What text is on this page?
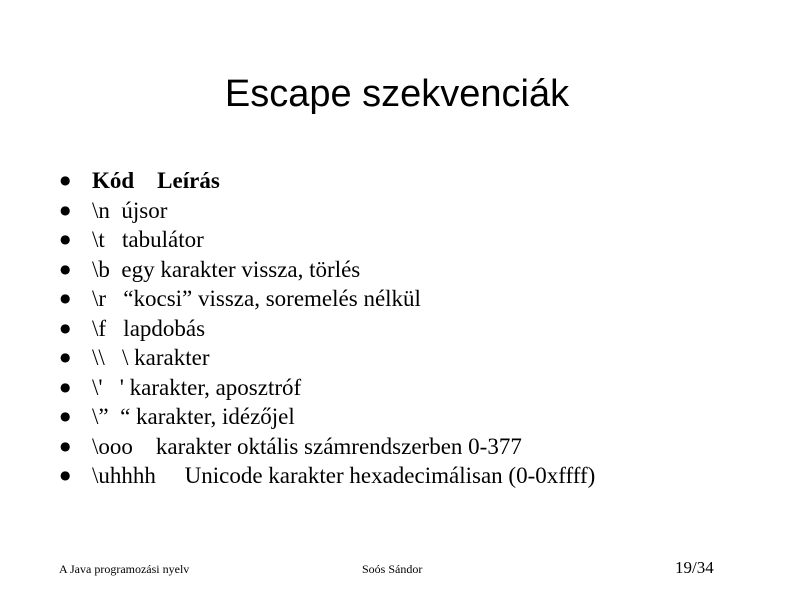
Escape szekvenciák
● Kód    Leírás
● \n  újsor
● \t   tabulátor
● \b  egy karakter vissza, törlés
● \r   “kocsi” vissza, soremelés nélkül
● \f   lapdobás
● \\   \ karakter
● \'   ' karakter, aposztróf
● \”  “ karakter, idézőjel
● \ooo    karakter oktális számrendszerben 0-377
● \uhhhh     Unicode karakter hexadecimálisan (0-0xffff)
A Java programozási nyelv	Soós Sándor	19/34
